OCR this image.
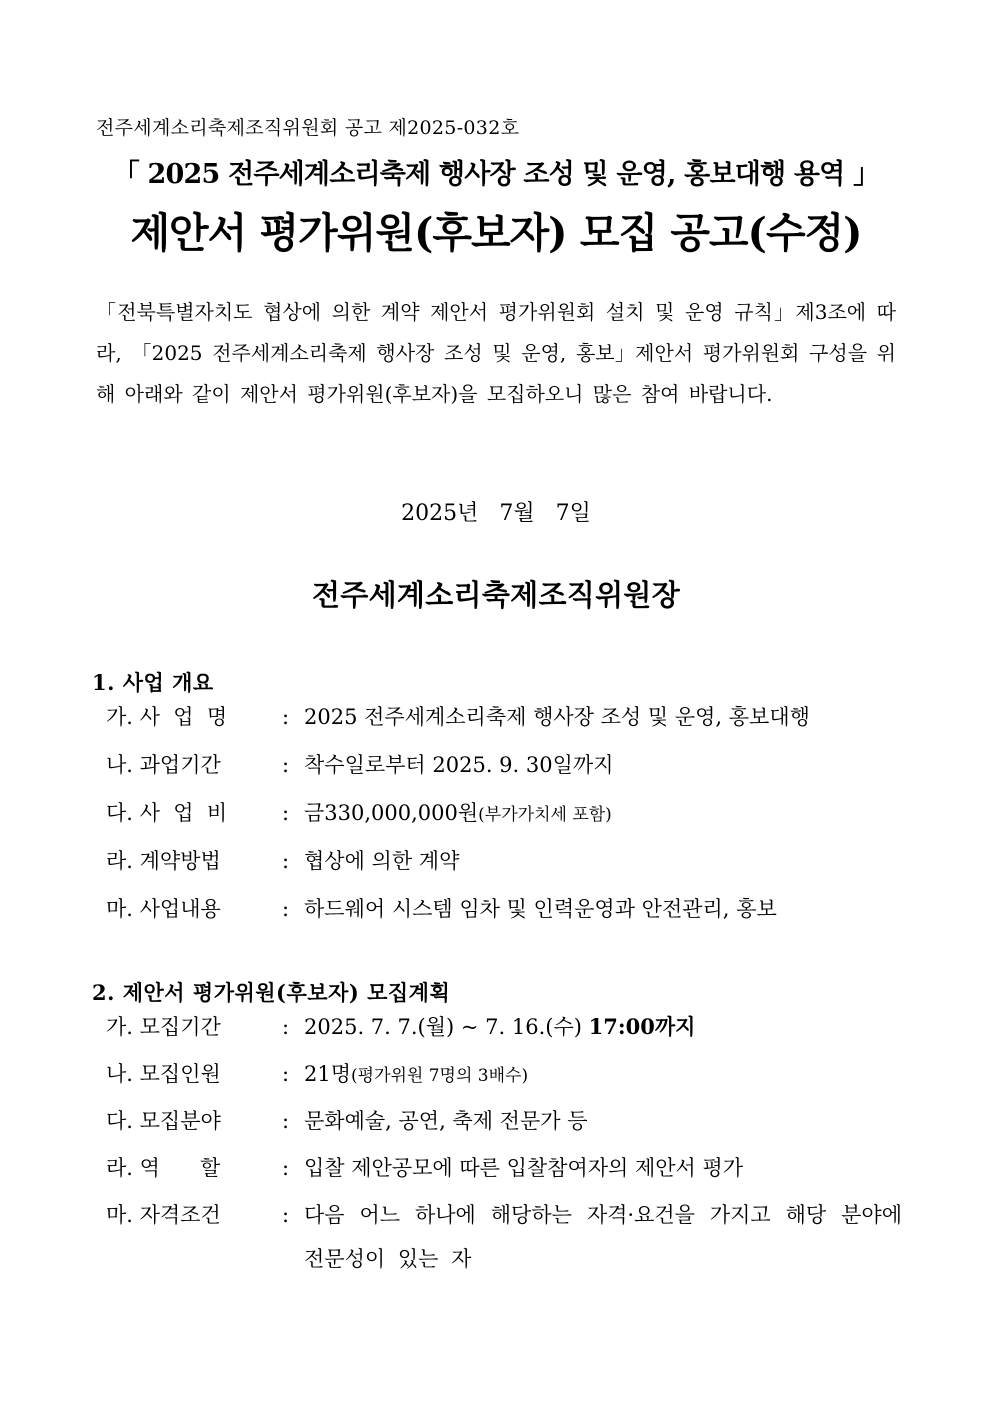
전주세계소리축제조직위원회 공고 제2025-032호
「 2025 전주세계소리축제 행사장 조성 및 운영, 홍보대행 용역 」
제안서 평가위원(후보자) 모집 공고(수정)
「전북특별자치도 협상에 의한 계약 제안서 평가위원회 설치 및 운영 규칙」제3조에 따라, 「2025 전주세계소리축제 행사장 조성 및 운영, 홍보」제안서 평가위원회 구성을 위해 아래와 같이 제안서 평가위원(후보자)을 모집하오니 많은 참여 바랍니다.
2025년   7월   7일
전주세계소리축제조직위원장
1. 사업 개요
가. 사  업  명	: 2025 전주세계소리축제 행사장 조성 및 운영, 홍보대행
나. 과업기간	: 착수일로부터 2025. 9. 30일까지
다. 사  업  비	: 금330,000,000원(부가가치세 포함)
라. 계약방법	: 협상에 의한 계약
마. 사업내용	: 하드웨어 시스템 임차 및 인력운영과 안전관리, 홍보
2. 제안서 평가위원(후보자) 모집계획
가. 모집기간	: 2025. 7. 7.(월) ~ 7. 16.(수) 17:00까지
나. 모집인원	: 21명(평가위원 7명의 3배수)
다. 모집분야	: 문화예술, 공연, 축제 전문가 등
라. 역      할	: 입찰 제안공모에 따른 입찰참여자의 제안서 평가
마. 자격조건	: 다음 어느 하나에 해당하는 자격·요건을 가지고 해당 분야에 전문성이 있는 자
